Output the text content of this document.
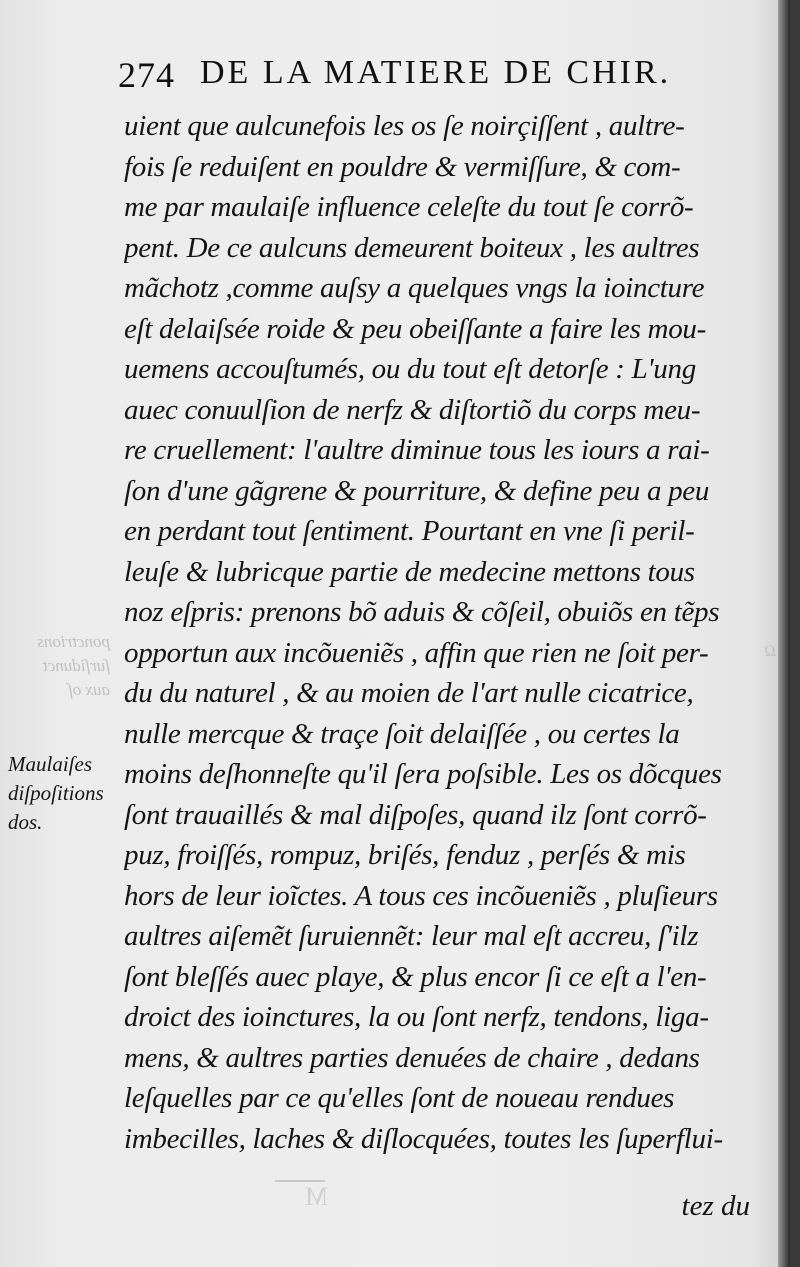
ponctrions
ſurſidunct
aux oſ
Ω
274 DE LA MATIERE DE CHIR.
Maulaiſes
diſpoſitions
dos.
uient que aulcunefois les os ſe noirçiſſent , aultre-
fois ſe reduiſent en pouldre & vermiſſure, & com-
me par maulaiſe influence celeſte du tout ſe corrõ-
pent. De ce aulcuns demeurent boiteux , les aultres
mãchotz ,comme auſsy a quelques vngs la ioincture
eſt delaiſsée roide & peu obeiſſante a faire les mou-
uemens accouſtumés, ou du tout eſt detorſe : L'ung
auec conuulſion de nerfz & diſtortiõ du corps meu-
re cruellement: l'aultre diminue tous les iours a rai-
ſon d'une gãgrene & pourriture, & define peu a peu
en perdant tout ſentiment. Pourtant en vne ſi peril-
leuſe & lubricque partie de medecine mettons tous
noz eſpris: prenons bõ aduis & cõſeil, obuiõs en tẽps
opportun aux incõueniẽs , affin que rien ne ſoit per-
du du naturel , & au moien de l'art nulle cicatrice,
nulle mercque & traçe ſoit delaiſſée , ou certes la
moins deſhonneſte qu'il ſera poſsible. Les os dõcques
ſont trauaillés & mal diſpoſes, quand ilz ſont corrõ-
puz, froiſſés, rompuz, briſés, fenduz , perſés & mis
hors de leur ioĩctes. A tous ces incõueniẽs , pluſieurs
aultres aiſemẽt ſuruiennẽt: leur mal eſt accreu, ſ'ilz
ſont bleſſés auec playe, & plus encor ſi ce eſt a l'en-
droict des ioinctures, la ou ſont nerfz, tendons, liga-
mens, & aultres parties denuées de chaire , dedans
leſquelles par ce qu'elles ſont de noueau rendues
imbecilles, laches & diſlocquées, toutes les ſuperflui-
M	tez du
